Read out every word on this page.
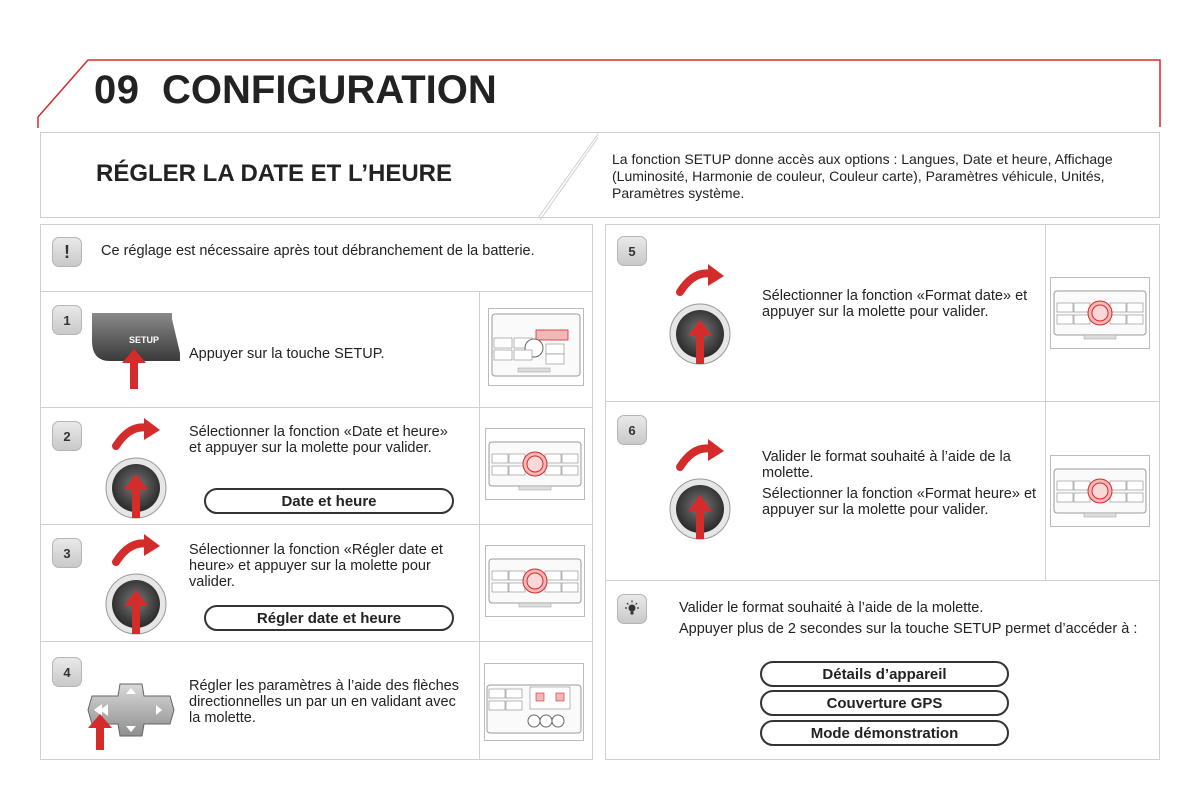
09 CONFIGURATION
RÉGLER LA DATE ET L’HEURE
La fonction SETUP donne accès aux options : Langues, Date et heure, Affichage (Luminosité, Harmonie de couleur, Couleur carte), Paramètres véhicule, Unités, Paramètres système.
!	Ce réglage est nécessaire après tout débranchement de la batterie.
1
SETUP
Appuyer sur la touche SETUP.
2	Sélectionner la fonction «Date et heure» et appuyer sur la molette pour valider.
Date et heure
3	Sélectionner la fonction «Régler date et heure» et appuyer sur la molette pour valider.
Régler date et heure
4
Régler les paramètres à l’aide des flèches directionnelles un par un en validant avec la molette.
5
Sélectionner la fonction «Format date» et appuyer sur la molette pour valider.
6
Valider le format souhaité à l’aide de la molette.
Sélectionner la fonction «Format heure» et appuyer sur la molette pour valider.
Valider le format souhaité à l’aide de la molette.
Appuyer plus de 2 secondes sur la touche SETUP permet d’accéder à :
Détails d’appareil
Couverture GPS
Mode démonstration
